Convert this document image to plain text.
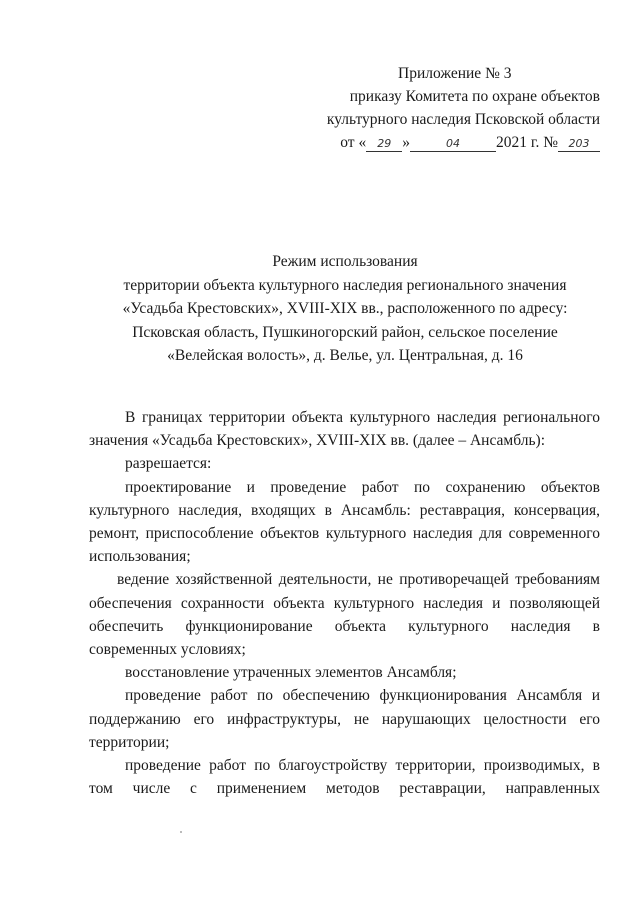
Приложение № 3
приказу Комитета по охране объектов
культурного наследия Псковской области
от « 29 »	04 2021 г. № 203
Режим использования
территории объекта культурного наследия регионального значения
«Усадьба Крестовских», XVIII-XIX вв., расположенного по адресу:
Псковская область, Пушкиногорский район, сельское поселение
«Велейская волость», д. Велье, ул. Центральная, д. 16

В границах территории объекта культурного наследия регионального значения «Усадьба Крестовских», XVIII-XIX вв. (далее – Ансамбль):

разрешается:

проектирование и проведение работ по сохранению объектов культурного наследия, входящих в Ансамбль: реставрация, консервация, ремонт, приспособление объектов культурного наследия для современного использования;

ведение хозяйственной деятельности, не противоречащей требованиям обеспечения сохранности объекта культурного наследия и позволяющей обеспечить функционирование объекта культурного наследия в современных условиях;

восстановление утраченных элементов Ансамбля;

проведение работ по обеспечению функционирования Ансамбля и поддержанию его инфраструктуры, не нарушающих целостности его территории;

проведение работ по благоустройству территории, производимых, в том числе с применением методов реставрации, направленных
